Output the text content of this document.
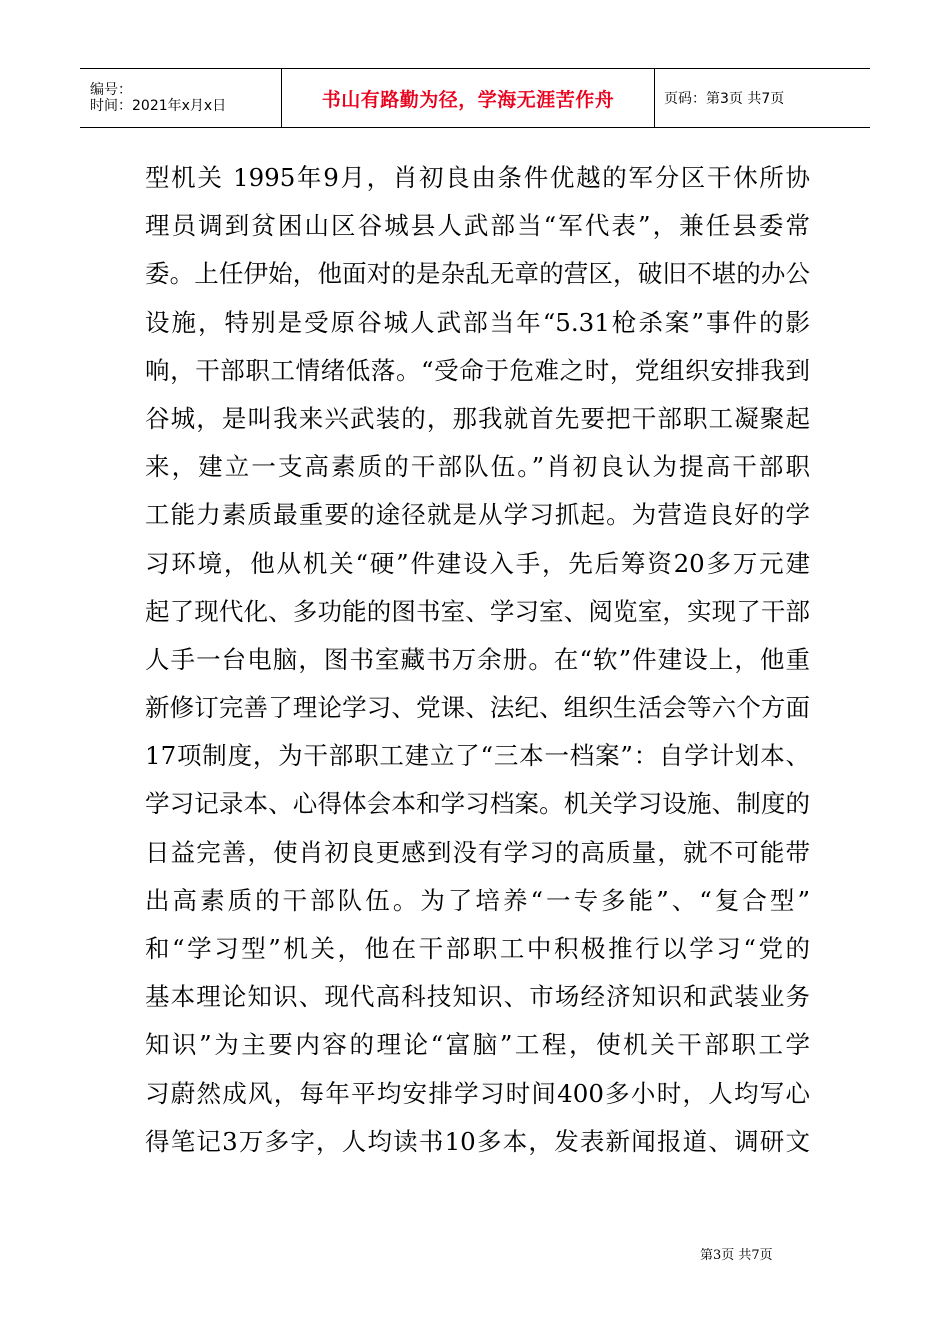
编号：
时间：2021年x月x日	书山有路勤为径，学海无涯苦作舟	页码：第3页 共7页
型机关 1995年9月，肖初良由条件优越的军分区干休所协
理员调到贫困山区谷城县人武部当“军代表”，兼任县委常
委。上任伊始，他面对的是杂乱无章的营区，破旧不堪的办公
设施，特别是受原谷城人武部当年“5.31枪杀案”事件的影
响，干部职工情绪低落。“受命于危难之时，党组织安排我到
谷城，是叫我来兴武装的，那我就首先要把干部职工凝聚起
来，建立一支高素质的干部队伍。”肖初良认为提高干部职
工能力素质最重要的途径就是从学习抓起。为营造良好的学
习环境，他从机关“硬”件建设入手，先后筹资20多万元建
起了现代化、多功能的图书室、学习室、阅览室，实现了干部
人手一台电脑，图书室藏书万余册。在“软”件建设上，他重
新修订完善了理论学习、党课、法纪、组织生活会等六个方面
17项制度，为干部职工建立了“三本一档案”：自学计划本、
学习记录本、心得体会本和学习档案。机关学习设施、制度的
日益完善，使肖初良更感到没有学习的高质量，就不可能带
出高素质的干部队伍。为了培养“一专多能”、“复合型”
和“学习型”机关，他在干部职工中积极推行以学习“党的
基本理论知识、现代高科技知识、市场经济知识和武装业务
知识”为主要内容的理论“富脑”工程，使机关干部职工学
习蔚然成风，每年平均安排学习时间400多小时，人均写心
得笔记3万多字，人均读书10多本，发表新闻报道、调研文
第3页 共7页
